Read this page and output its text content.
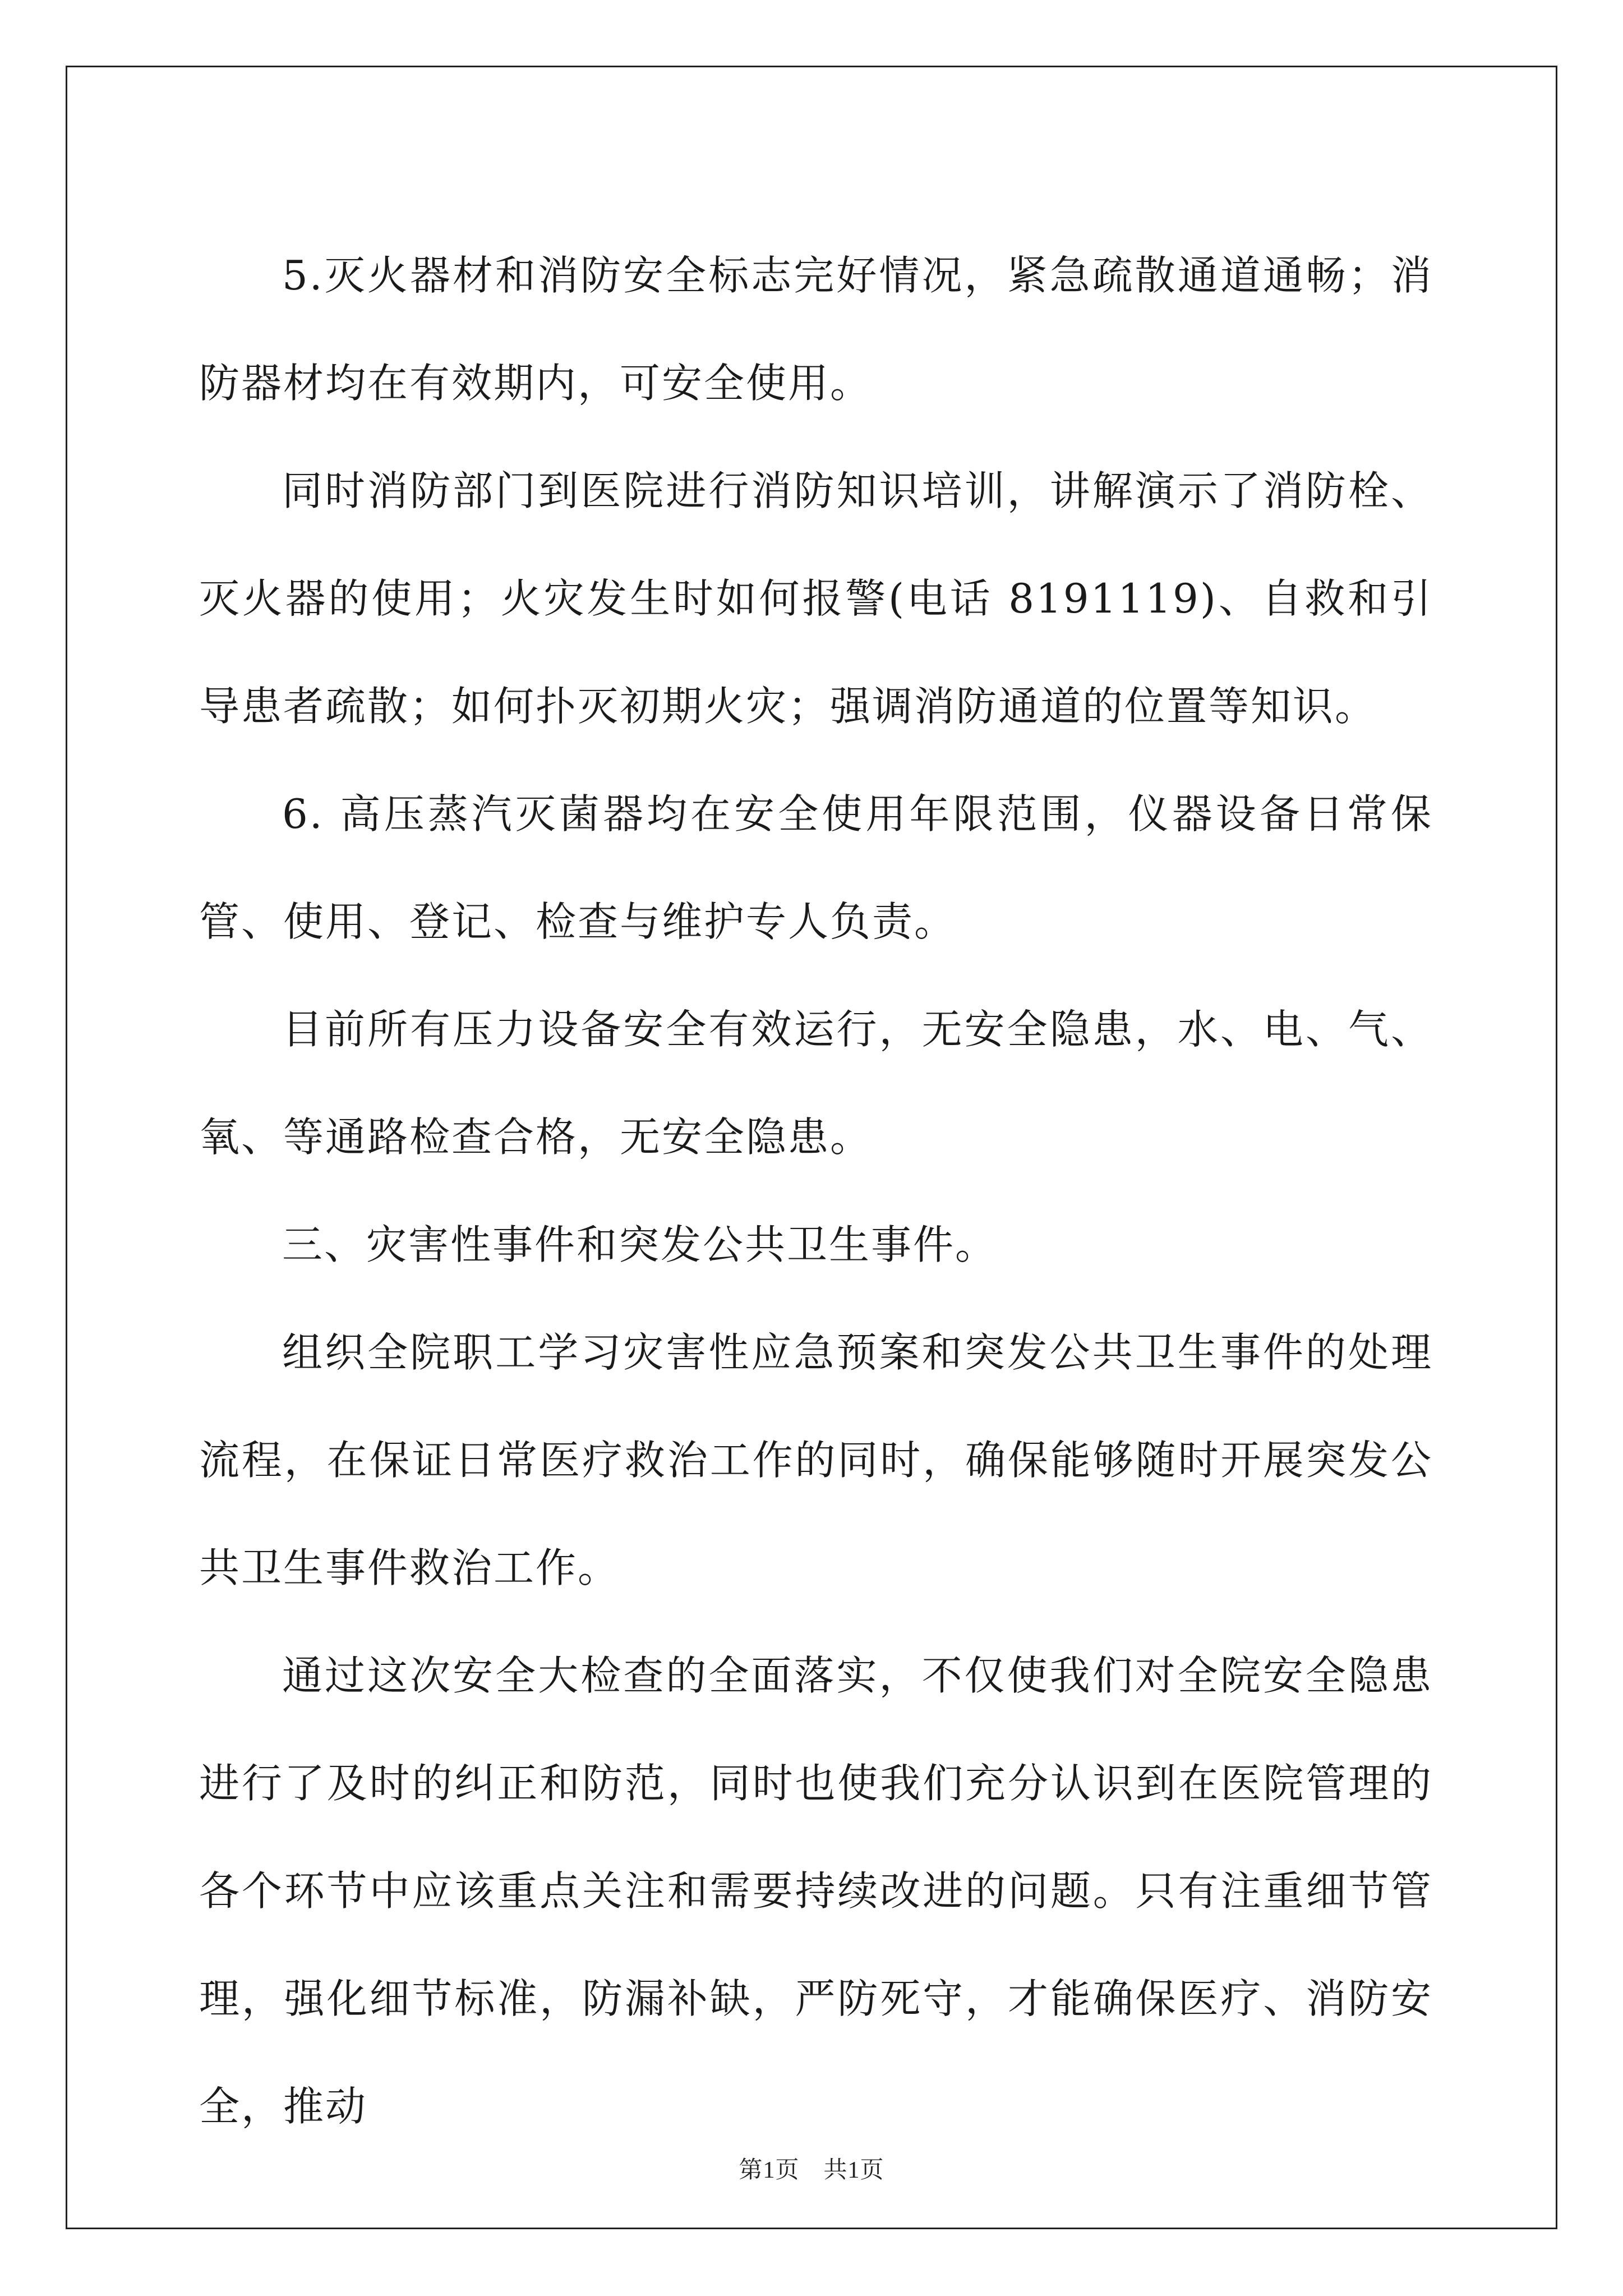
5.灭火器材和消防安全标志完好情况，紧急疏散通道通畅；消防器材均在有效期内，可安全使用。

同时消防部门到医院进行消防知识培训，讲解演示了消防栓、灭火器的使用；火灾发生时如何报警(电话 8191119)、自救和引导患者疏散；如何扑灭初期火灾；强调消防通道的位置等知识。

6. 高压蒸汽灭菌器均在安全使用年限范围，仪器设备日常保管、使用、登记、检查与维护专人负责。

目前所有压力设备安全有效运行，无安全隐患，水、电、气、氧、等通路检查合格，无安全隐患。

三、灾害性事件和突发公共卫生事件。

组织全院职工学习灾害性应急预案和突发公共卫生事件的处理流程，在保证日常医疗救治工作的同时，确保能够随时开展突发公共卫生事件救治工作。

通过这次安全大检查的全面落实，不仅使我们对全院安全隐患进行了及时的纠正和防范，同时也使我们充分认识到在医院管理的各个环节中应该重点关注和需要持续改进的问题。只有注重细节管理，强化细节标准，防漏补缺，严防死守，才能确保医疗、消防安全，推动

第1页　共1页
